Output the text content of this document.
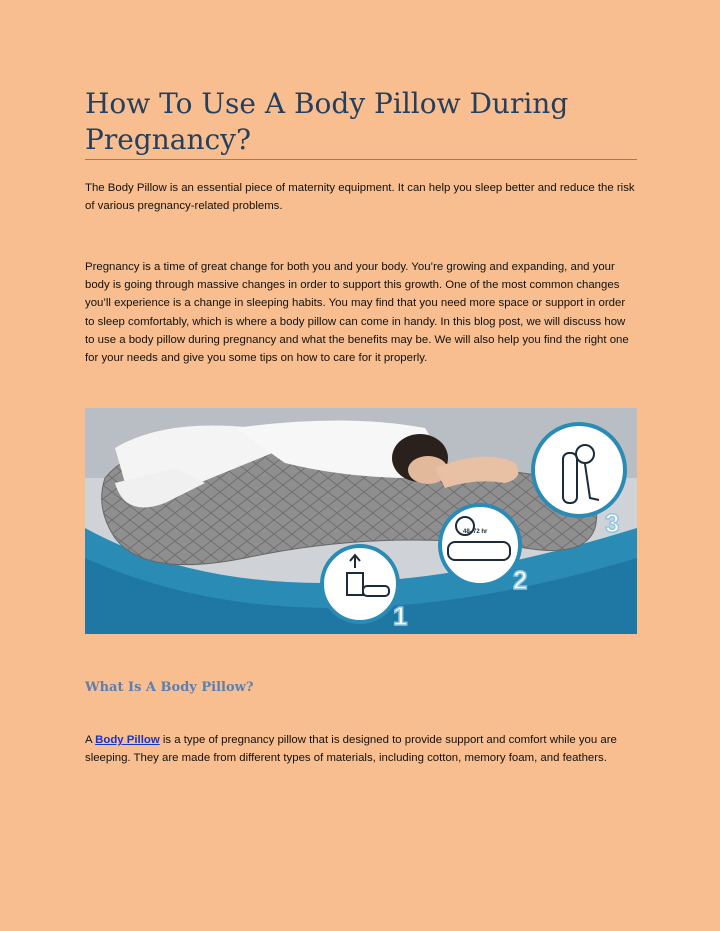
How To Use A Body Pillow During Pregnancy?

The Body Pillow is an essential piece of maternity equipment. It can help you sleep better and reduce the risk of various pregnancy-related problems.

Pregnancy is a time of great change for both you and your body. You’re growing and expanding, and your body is going through massive changes in order to support this growth. One of the most common changes you’ll experience is a change in sleeping habits. You may find that you need more space or support in order to sleep comfortably, which is where a body pillow can come in handy. In this blog post, we will discuss how to use a body pillow during pregnancy and what the benefits may be. We will also help you find the right one for your needs and give you some tips on how to care for it properly.

1
2
3
48–72 hr
What Is A Body Pillow?

A Body Pillow is a type of pregnancy pillow that is designed to provide support and comfort while you are sleeping. They are made from different types of materials, including cotton, memory foam, and feathers.
